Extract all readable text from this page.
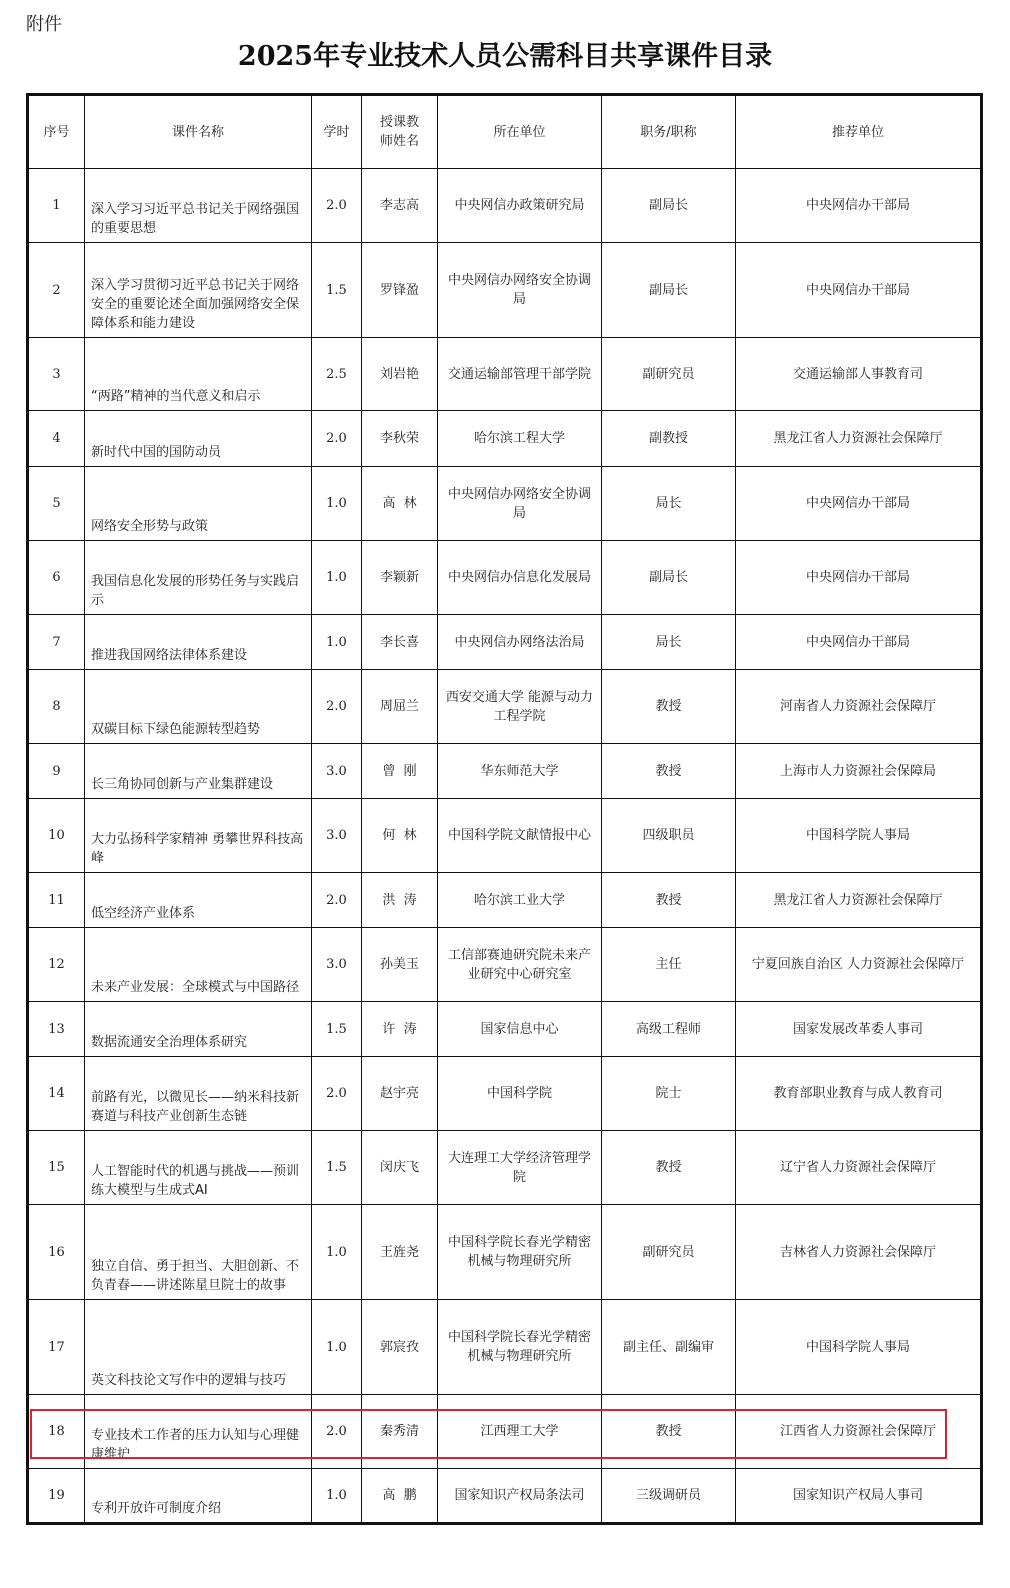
附件
2025年专业技术人员公需科目共享课件目录
序号	课件名称	学时	授课教师姓名	所在单位	职务/职称	推荐单位
1	深入学习习近平总书记关于网络强国的重要思想	2.0	李志高	中央网信办政策研究局	副局长	中央网信办干部局
2	深入学习贯彻习近平总书记关于网络安全的重要论述全面加强网络安全保障体系和能力建设	1.5	罗锋盈	中央网信办网络安全协调局	副局长	中央网信办干部局
3	“两路”精神的当代意义和启示	2.5	刘岩艳	交通运输部管理干部学院	副研究员	交通运输部人事教育司
4	新时代中国的国防动员	2.0	李秋荣	哈尔滨工程大学	副教授	黑龙江省人力资源社会保障厅
5	网络安全形势与政策	1.0	高  林	中央网信办网络安全协调局	局长	中央网信办干部局
6	我国信息化发展的形势任务与实践启示	1.0	李颖新	中央网信办信息化发展局	副局长	中央网信办干部局
7	推进我国网络法律体系建设	1.0	李长喜	中央网信办网络法治局	局长	中央网信办干部局
8	双碳目标下绿色能源转型趋势	2.0	周屈兰	西安交通大学 能源与动力工程学院	教授	河南省人力资源社会保障厅
9	长三角协同创新与产业集群建设	3.0	曾  刚	华东师范大学	教授	上海市人力资源社会保障局
10	大力弘扬科学家精神 勇攀世界科技高峰	3.0	何  林	中国科学院文献情报中心	四级职员	中国科学院人事局
11	低空经济产业体系	2.0	洪  涛	哈尔滨工业大学	教授	黑龙江省人力资源社会保障厅
12	未来产业发展：全球模式与中国路径	3.0	孙美玉	工信部赛迪研究院未来产业研究中心研究室	主任	宁夏回族自治区 人力资源社会保障厅
13	数据流通安全治理体系研究	1.5	许  涛	国家信息中心	高级工程师	国家发展改革委人事司
14	前路有光，以微见长——纳米科技新赛道与科技产业创新生态链	2.0	赵宇亮	中国科学院	院士	教育部职业教育与成人教育司
15	人工智能时代的机遇与挑战——预训练大模型与生成式AI	1.5	闵庆飞	大连理工大学经济管理学院	教授	辽宁省人力资源社会保障厅
16	独立自信、勇于担当、大胆创新、不负青春——讲述陈星旦院士的故事	1.0	王旌尧	中国科学院长春光学精密 机械与物理研究所	副研究员	吉林省人力资源社会保障厅
17	英文科技论文写作中的逻辑与技巧	1.0	郭宸孜	中国科学院长春光学精密 机械与物理研究所	副主任、副编审	中国科学院人事局
18	专业技术工作者的压力认知与心理健康维护	2.0	秦秀清	江西理工大学	教授	江西省人力资源社会保障厅
19	专利开放许可制度介绍	1.0	高  鹏	国家知识产权局条法司	三级调研员	国家知识产权局人事司
